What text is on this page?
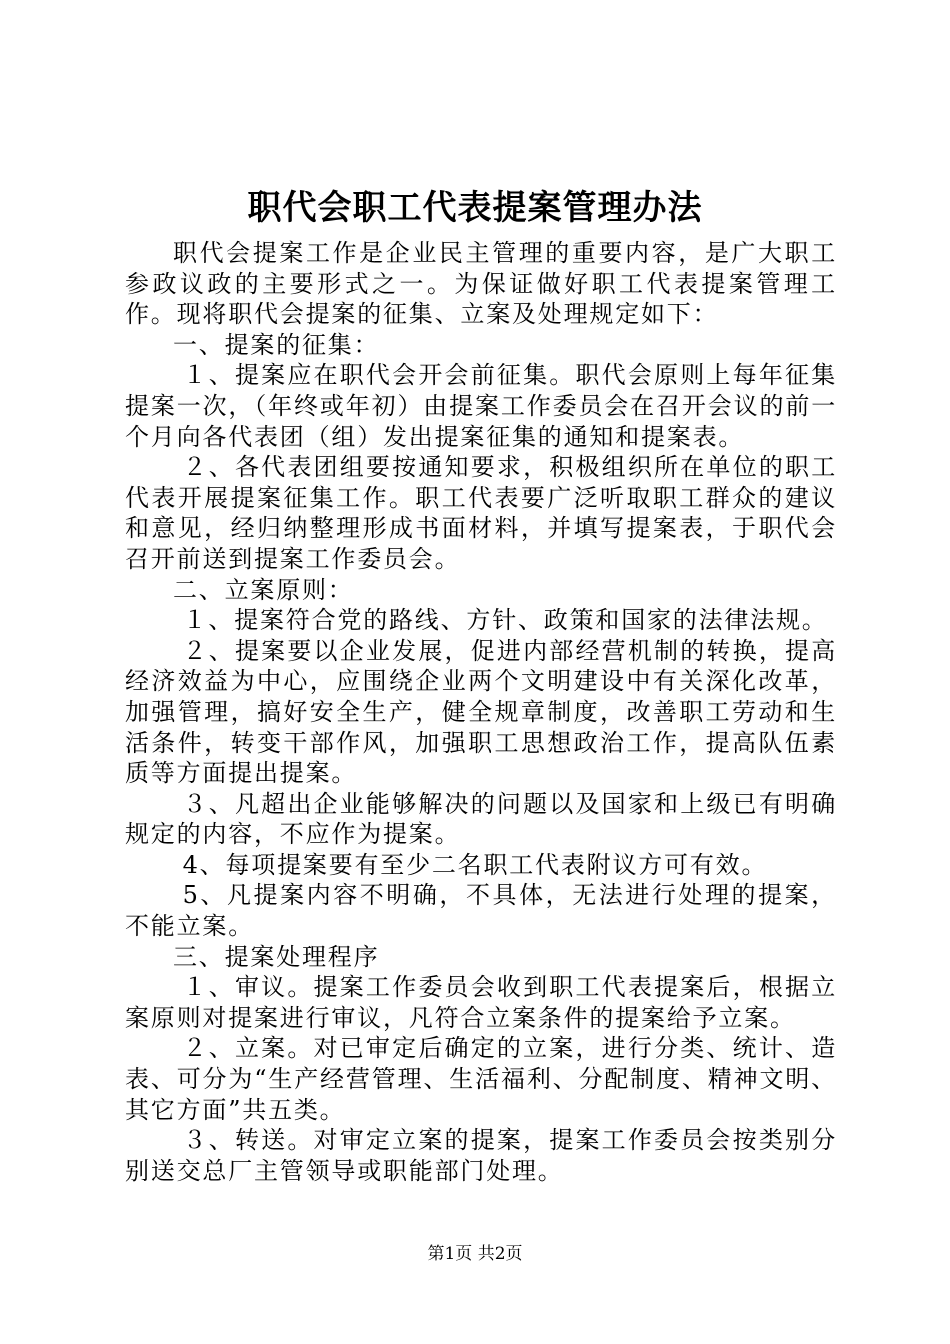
职代会职工代表提案管理办法

职代会提案工作是企业民主管理的重要内容，是广大职工参政议政的主要形式之一。为保证做好职工代表提案管理工作。现将职代会提案的征集、立案及处理规定如下：

一、提案的征集：

１、提案应在职代会开会前征集。职代会原则上每年征集提案一次，（年终或年初）由提案工作委员会在召开会议的前一个月向各代表团（组）发出提案征集的通知和提案表。

２、各代表团组要按通知要求，积极组织所在单位的职工代表开展提案征集工作。职工代表要广泛听取职工群众的建议和意见，经归纳整理形成书面材料，并填写提案表，于职代会召开前送到提案工作委员会。

二、立案原则：

１、提案符合党的路线、方针、政策和国家的法律法规。

２、提案要以企业发展，促进内部经营机制的转换，提高经济效益为中心，应围绕企业两个文明建设中有关深化改革，加强管理，搞好安全生产，健全规章制度，改善职工劳动和生活条件，转变干部作风，加强职工思想政治工作，提高队伍素质等方面提出提案。

３、凡超出企业能够解决的问题以及国家和上级已有明确规定的内容，不应作为提案。

4、每项提案要有至少二名职工代表附议方可有效。

5、凡提案内容不明确，不具体，无法进行处理的提案，不能立案。

三、提案处理程序

１、审议。提案工作委员会收到职工代表提案后，根据立案原则对提案进行审议，凡符合立案条件的提案给予立案。

２、立案。对已审定后确定的立案，进行分类、统计、造表、可分为“生产经营管理、生活福利、分配制度、精神文明、其它方面”共五类。

３、转送。对审定立案的提案，提案工作委员会按类别分别送交总厂主管领导或职能部门处理。

第1页 共2页
